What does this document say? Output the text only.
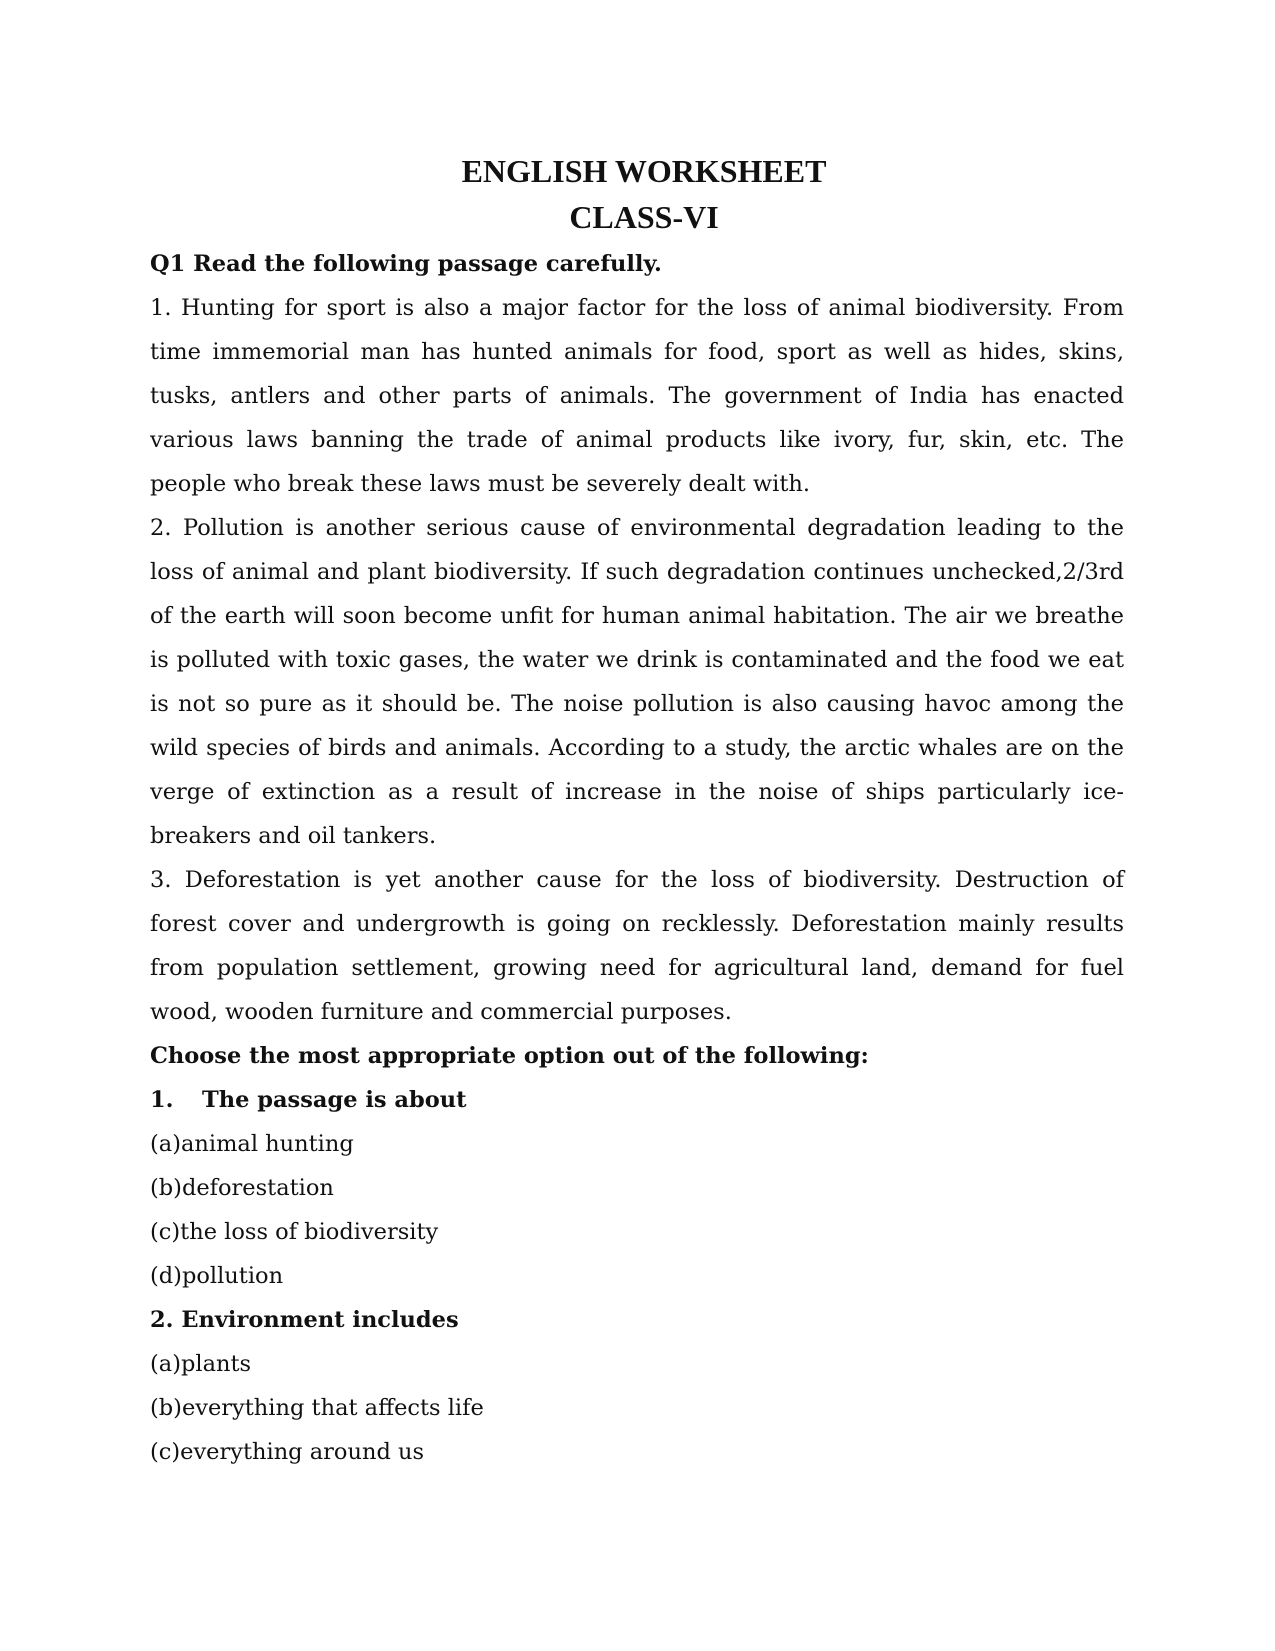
ENGLISH WORKSHEET
CLASS-VI

Q1 Read the following passage carefully.

1. Hunting for sport is also a major factor for the loss of animal biodiversity. From time immemorial man has hunted animals for food, sport as well as hides, skins, tusks, antlers and other parts of animals. The government of India has enacted various laws banning the trade of animal products like ivory, fur, skin, etc. The people who break these laws must be severely dealt with.

2. Pollution is another serious cause of environmental degradation leading to the loss of animal and plant biodiversity. If such degradation continues unchecked,2/3rd of the earth will soon become unfit for human animal habitation. The air we breathe is polluted with toxic gases, the water we drink is contaminated and the food we eat is not so pure as it should be. The noise pollution is also causing havoc among the wild species of birds and animals. According to a study, the arctic whales are on the verge of extinction as a result of increase in the noise of ships particularly ice-breakers and oil tankers.

3. Deforestation is yet another cause for the loss of biodiversity. Destruction of forest cover and undergrowth is going on recklessly. Deforestation mainly results from population settlement, growing need for agricultural land, demand for fuel wood, wooden furniture and commercial purposes.

Choose the most appropriate option out of the following:

1.	The passage is about

(a)animal hunting

(b)deforestation

(c)the loss of biodiversity

(d)pollution

2. Environment includes

(a)plants

(b)everything that affects life

(c)everything around us
